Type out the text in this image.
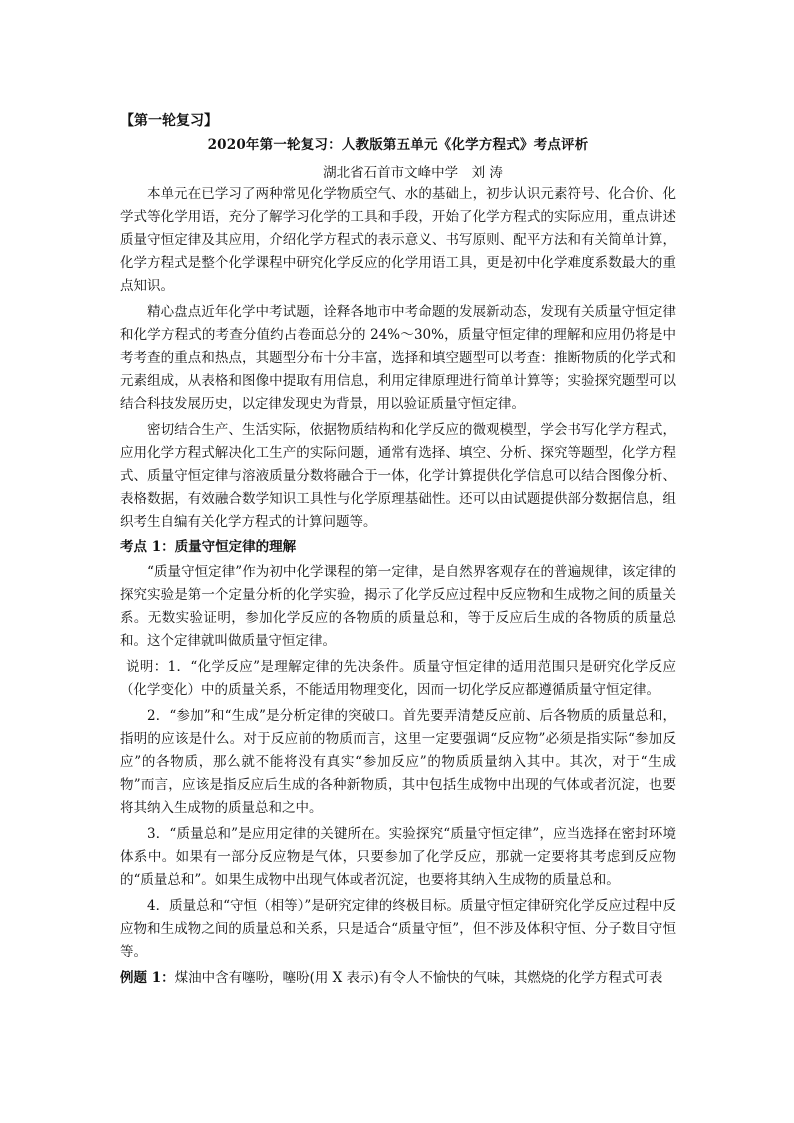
【第一轮复习】
2020年第一轮复习：人教版第五单元《化学方程式》考点评析
湖北省石首市文峰中学　刘 涛

本单元在已学习了两种常见化学物质空气、水的基础上，初步认识元素符号、化合价、化学式等化学用语，充分了解学习化学的工具和手段，开始了化学方程式的实际应用，重点讲述质量守恒定律及其应用，介绍化学方程式的表示意义、书写原则、配平方法和有关简单计算，化学方程式是整个化学课程中研究化学反应的化学用语工具，更是初中化学难度系数最大的重点知识。

精心盘点近年化学中考试题，诠释各地市中考命题的发展新动态，发现有关质量守恒定律和化学方程式的考查分值约占卷面总分的 24%～30%，质量守恒定律的理解和应用仍将是中考考查的重点和热点，其题型分布十分丰富，选择和填空题型可以考查：推断物质的化学式和元素组成，从表格和图像中提取有用信息，利用定律原理进行简单计算等；实验探究题型可以结合科技发展历史，以定律发现史为背景，用以验证质量守恒定律。

密切结合生产、生活实际，依据物质结构和化学反应的微观模型，学会书写化学方程式，应用化学方程式解决化工生产的实际问题，通常有选择、填空、分析、探究等题型，化学方程式、质量守恒定律与溶液质量分数将融合于一体，化学计算提供化学信息可以结合图像分析、表格数据，有效融合数学知识工具性与化学原理基础性。还可以由试题提供部分数据信息，组织考生自编有关化学方程式的计算问题等。

考点 1：质量守恒定律的理解

“质量守恒定律”作为初中化学课程的第一定律，是自然界客观存在的普遍规律，该定律的探究实验是第一个定量分析的化学实验，揭示了化学反应过程中反应物和生成物之间的质量关系。无数实验证明，参加化学反应的各物质的质量总和，等于反应后生成的各物质的质量总和。这个定律就叫做质量守恒定律。

说明：1．“化学反应”是理解定律的先决条件。质量守恒定律的适用范围只是研究化学反应（化学变化）中的质量关系，不能适用物理变化，因而一切化学反应都遵循质量守恒定律。

2．“参加”和“生成”是分析定律的突破口。首先要弄清楚反应前、后各物质的质量总和，指明的应该是什么。对于反应前的物质而言，这里一定要强调“反应物”必须是指实际“参加反应”的各物质，那么就不能将没有真实“参加反应”的物质质量纳入其中。其次，对于“生成物”而言，应该是指反应后生成的各种新物质，其中包括生成物中出现的气体或者沉淀，也要将其纳入生成物的质量总和之中。

3．“质量总和”是应用定律的关键所在。实验探究“质量守恒定律”，应当选择在密封环境体系中。如果有一部分反应物是气体，只要参加了化学反应，那就一定要将其考虑到反应物的“质量总和”。如果生成物中出现气体或者沉淀，也要将其纳入生成物的质量总和。

4．质量总和“守恒（相等）”是研究定律的终极目标。质量守恒定律研究化学反应过程中反应物和生成物之间的质量总和关系，只是适合“质量守恒”，但不涉及体积守恒、分子数目守恒等。

例题 1：煤油中含有噻吩，噻吩(用 X 表示)有令人不愉快的气味，其燃烧的化学方程式可表
